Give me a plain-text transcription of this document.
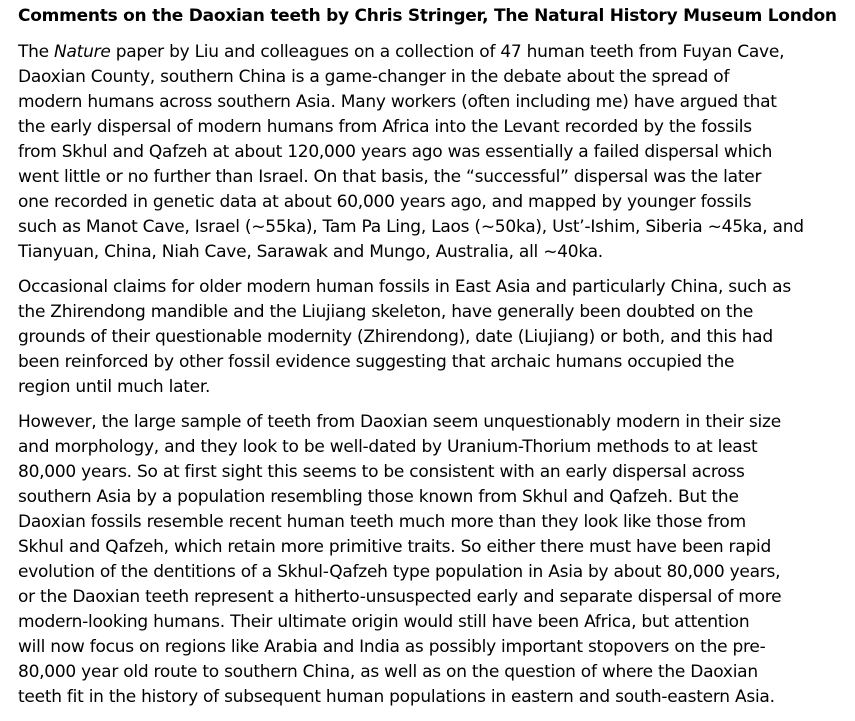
Comments on the Daoxian teeth by Chris Stringer, The Natural History Museum London
The Nature paper by Liu and colleagues on a collection of 47 human teeth from Fuyan Cave,
Daoxian County, southern China is a game-changer in the debate about the spread of
modern humans across southern Asia. Many workers (often including me) have argued that
the early dispersal of modern humans from Africa into the Levant recorded by the fossils
from Skhul and Qafzeh at about 120,000 years ago was essentially a failed dispersal which
went little or no further than Israel. On that basis, the “successful” dispersal was the later
one recorded in genetic data at about 60,000 years ago, and mapped by younger fossils
such as Manot Cave, Israel (~55ka), Tam Pa Ling, Laos (~50ka), Ust’-Ishim, Siberia ~45ka, and
Tianyuan, China, Niah Cave, Sarawak and Mungo, Australia, all ~40ka.
Occasional claims for older modern human fossils in East Asia and particularly China, such as
the Zhirendong mandible and the Liujiang skeleton, have generally been doubted on the
grounds of their questionable modernity (Zhirendong), date (Liujiang) or both, and this had
been reinforced by other fossil evidence suggesting that archaic humans occupied the
region until much later.
However, the large sample of teeth from Daoxian seem unquestionably modern in their size
and morphology, and they look to be well-dated by Uranium-Thorium methods to at least
80,000 years. So at first sight this seems to be consistent with an early dispersal across
southern Asia by a population resembling those known from Skhul and Qafzeh. But the
Daoxian fossils resemble recent human teeth much more than they look like those from
Skhul and Qafzeh, which retain more primitive traits. So either there must have been rapid
evolution of the dentitions of a Skhul-Qafzeh type population in Asia by about 80,000 years,
or the Daoxian teeth represent a hitherto-unsuspected early and separate dispersal of more
modern-looking humans. Their ultimate origin would still have been Africa, but attention
will now focus on regions like Arabia and India as possibly important stopovers on the pre-
80,000 year old route to southern China, as well as on the question of where the Daoxian
teeth fit in the history of subsequent human populations in eastern and south-eastern Asia.
